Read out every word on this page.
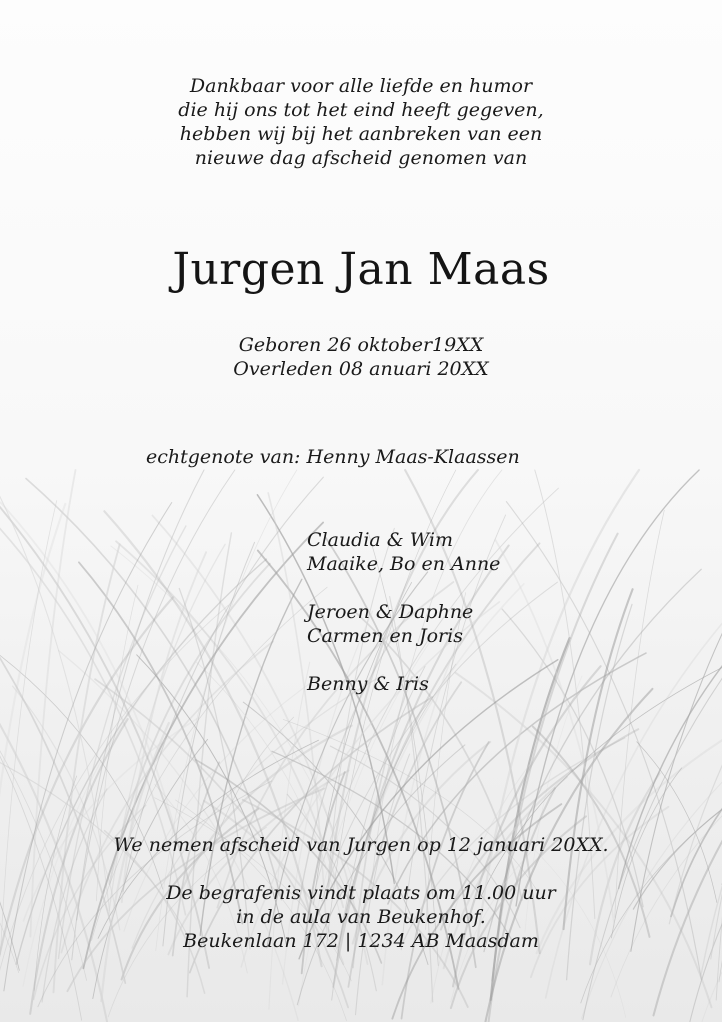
Dankbaar voor alle liefde en humor
die hij ons tot het eind heeft gegeven,
hebben wij bij het aanbreken van een
nieuwe dag afscheid genomen van
Jurgen Jan Maas
Geboren 26 oktober19XX
Overleden 08 anuari 20XX
echtgenote van: Henny Maas-Klaassen
Claudia & Wim
Maaike, Bo en Anne
Jeroen & Daphne
Carmen en Joris
Benny & Iris
We nemen afscheid van Jurgen op 12 januari 20XX.
De begrafenis vindt plaats om 11.00 uur
in de aula van Beukenhof.
Beukenlaan 172 | 1234 AB Maasdam
